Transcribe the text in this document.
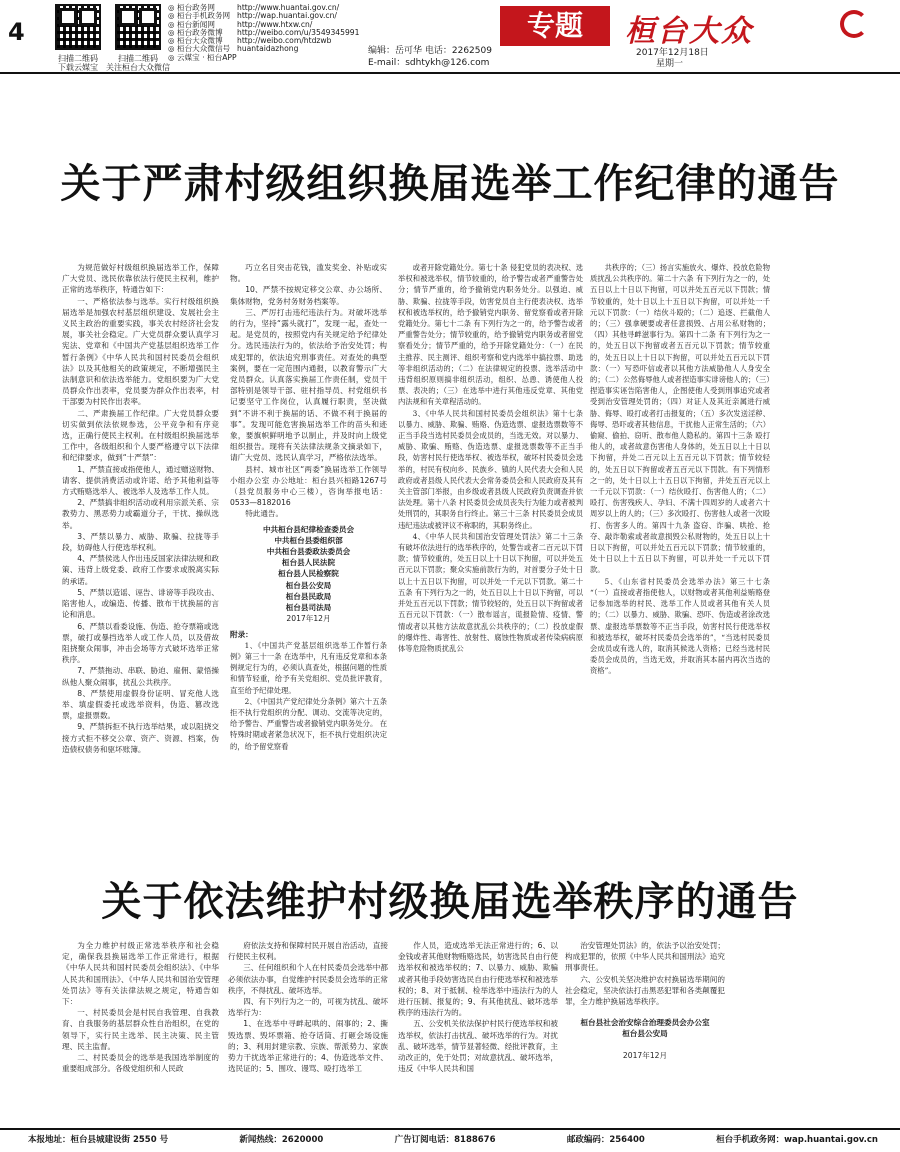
4
扫描二维码
下载云媒宝
扫描二维码
关注桓台大众微信
◎ 桓台政务网	http://www.huantai.gov.cn/
◎ 桓台手机政务网 http://wap.huantai.gov.cn/
◎ 桓台新闻网	http://www.htxw.cn/
◎ 桓台政务微博	http://weibo.com/u/3549345991
◎ 桓台大众微博	http://weibo.com/htdzwb
◎ 桓台大众微信号 huantaidazhong
◎ 云媒宝 · 桓台APP
专题	桓台大众
编辑：岳可华 电话：2262509
E-mail：sdhtykh@126.com
2017年12月18日
星期一
关于严肃村级组织换届选举工作纪律的通告

为规范做好村级组织换届选举工作，保障广大党员、选民依靠依法行使民主权利，维护正常的选举秩序，特通告如下：

一、严格依法参与选举。实行村级组织换届选举是加强农村基层组织建设、发展社会主义民主政治的重要实践，事关农村经济社会发展，事关社会稳定。广大党员群众要认真学习宪法、党章和《中国共产党基层组织选举工作暂行条例》《中华人民共和国村民委员会组织法》以及其他相关的政策规定，不断增强民主法制意识和依法选举能力。党组织要为广大党员群众作出表率，党员要为群众作出表率，村干部要为村民作出表率。

二、严肃换届工作纪律。广大党员群众要切实做到依法依规参选，公平竞争和有序竞选，正确行使民主权利。在村级组织换届选举工作中，各级组织和个人要严格遵守以下法律和纪律要求，做到“十严禁”：

1、严禁直接或指使他人，通过赠送财物、请客、提供消费活动或许诺、给予其他利益等方式贿赂选举人、被选举人及选举工作人员。

2、严禁搞非组织活动或利用宗派关系、宗教势力、黑恶势力或霸道分子，干扰、操纵选举。

3、严禁以暴力、威胁、欺骗、拉拢等手段，妨碍他人行使选举权利。

4、严禁侯选人作出违反国家法律法规和政策、违背上级党委、政府工作要求或脱离实际的承诺。

5、严禁以造谣、诬告、诽谤等手段攻击、陷害他人，或编造、传播、散布干扰换届的言论和消息。

6、严禁以看委设施、伪造、抢夺票箱或选票，破打或暴挡选举人或工作人员，以及借故阻挠聚众闹事，冲击会场等方式破坏选举正常秩序。

7、严禁拖动、串联、胁迫、雇佣、蒙悟操纵他人聚众闹事，扰乱公共秩序。

8、严禁使用虚假身份证明、冒充他人选举、填虚假委托或选举资料，伪造、篡改选票，虚报票数。

9、严禁拆拒不执行选举结果，或以阻挠交接方式拒不移交公章、资产、资源、档案，伪造债权债务和驱坏账簿。

巧立名目突击花钱，滥发奖金、补贴或实物。

10、严禁不按规定移交公章、办公场所、集体财物，党务村务财务档案等。

三、严厉打击违纪违法行为。对破坏选举的行为，坚持“露头就打”，发现一起，查处一起。是党员的，按照党内有关规定给予纪律处分。选民违法行为的，依法给予治安处罚；构成犯罪的，依法追究刑事责任。对查处的典型案例，要在一定范围内通报，以教育警示广大党员群众。认真落实换届工作责任制，党员干部特别是领导干部、驻村指导员、村党组织书记要坚守工作岗位，认真履行职责，坚决做到“不讲不利于换届的话、不做不利于换届的事”。发现可能危害换届选举工作的苗头和迹象，要旗帜鲜明地予以制止，并及时向上级党组织报告。现将有关法律法规条文摘录如下，请广大党员、选民认真学习，严格依法选举。

县村、城市社区“两委”换届选举工作领导小组办公室 办公地址：桓台县兴桓路1267号（县党员服务中心三楼），咨询举报电话：0533—8182016

特此通告。

中共桓台县纪律检查委员会

中共桓台县委组织部

中共桓台县委政法委员会

桓台县人民法院

桓台县人民检察院

桓台县公安局

桓台县民政局

桓台县司法局

2017年12月

附录：

1、《中国共产党基层组织选举工作暂行条例》第三十一条 在选举中，凡有违反党章和本条例规定行为的，必须认真查处，根据问题的性质和情节轻重，给予有关党组织、党员批评教育，直至给予纪律处理。

2、《中国共产党纪律处分条例》第六十五条 拒不执行党组织的分配、调动、交流等决定的，给予警告、严重警告或者撤销党内职务处分。 在特殊时期或者紧急状况下，拒不执行党组织决定的，给予留党察看

或者开除党籍处分。第七十条 侵犯党员的表决权、选举权和被选举权，情节较重的，给予警告或者严重警告处分；情节严重的，给予撤销党内职务处分。以强迫、威胁、欺骗、拉拢等手段，妨害党员自主行使表决权、选举权和被选举权的，给予撤销党内职务、留党察看或者开除党籍处分。第七十二条 有下列行为之一的，给予警告或者严重警告处分；情节较重的，给予撤销党内职务或者留党察看处分；情节严重的，给予开除党籍处分：（一）在民主推荐、民主测评、组织考察和党内选举中搞拉票、助选等非组织活动的；（二）在法律规定的投票、选举活动中违背组织原则搞非组织活动，组织、怂恿、诱使他人投票、表决的；（三）在选举中进行其他违反党章、其他党内法规和有关章程活动的。

3、《中华人民共和国村民委员会组织法》第十七条 以暴力、威胁、欺骗、贿赂、伪造选票、虚报选票数等不正当手段当选村民委员会成员的，当选无效。对以暴力、威胁、欺骗、贿赂、伪造选票、虚报选票数等不正当手段，妨害村民行使选举权、被选举权，破坏村民委员会选举的，村民有权向乡、民族乡、镇的人民代表大会和人民政府或者县级人民代表大会常务委员会和人民政府及其有关主管部门举报，由乡级或者县级人民政府负责调查并依法处理。第十八条 村民委员会成员丧失行为能力或者被判处刑罚的，其职务自行终止。第三十三条 村民委员会成员违纪违法或被评议不称职的，其职务终止。

4、《中华人民共和国治安管理处罚法》第二十三条 有破坏依法进行的选举秩序的，处警告或者二百元以下罚款；情节较重的，处五日以上十日以下拘留，可以并处五百元以下罚款；聚众实施前款行为的，对首要分子处十日以上十五日以下拘留，可以并处一千元以下罚款。第二十五条 有下列行为之一的，处五日以上十日以下拘留，可以并处五百元以下罚款；情节较轻的，处五日以下拘留或者五百元以下罚款：（一）散布谣言，谎报险情、疫情、警情或者以其他方法故意扰乱公共秩序的；（二）投放虚假的爆炸性、毒害性、放射性、腐蚀性物质或者传染病病原体等危险物质扰乱公

共秩序的；（三）扬言实施放火、爆炸、投放危险物质扰乱公共秩序的。第二十六条 有下列行为之一的，处五日以上十日以下拘留，可以并处五百元以下罚款；情节较重的，处十日以上十五日以下拘留，可以并处一千元以下罚款：（一）结伙斗殴的；（二）追逐、拦截他人的；（三）强拿硬要或者任意损毁、占用公私财物的；（四）其他寻衅滋事行为。第四十二条 有下列行为之一的，处五日以下拘留或者五百元以下罚款；情节较重的，处五日以上十日以下拘留，可以并处五百元以下罚款：（一）写恐吓信或者以其他方法威胁他人人身安全的；（二）公然侮辱他人或者捏造事实诽谤他人的；（三）捏造事实诬告陷害他人，企图使他人受到刑事追究或者受到治安管理处罚的；（四）对证人及其近亲属进行威胁、侮辱、殴打或者打击报复的；（五）多次发送淫秽、侮辱、恐吓或者其他信息，干扰他人正常生活的；（六）偷窥、偷拍、窃听、散布他人隐私的。第四十三条 殴打他人的，或者故意伤害他人身体的，处五日以上十日以下拘留，并处二百元以上五百元以下罚款；情节较轻的，处五日以下拘留或者五百元以下罚款。有下列情形之一的，处十日以上十五日以下拘留，并处五百元以上一千元以下罚款：（一）结伙殴打、伤害他人的；（二）殴打、伤害残疾人、孕妇、不满十四周岁的人或者六十周岁以上的人的；（三）多次殴打、伤害他人或者一次殴打、伤害多人的。第四十九条 盗窃、诈骗、哄抢、抢夺、敲诈勒索或者故意损毁公私财物的，处五日以上十日以下拘留，可以并处五百元以下罚款；情节较重的，处十日以上十五日以下拘留，可以并处一千元以下罚款。

5、《山东省村民委员会选举办法》第三十七条 “（一）直接或者指使他人，以财物或者其他利益贿赂登记参加选举的村民、选举工作人员或者其他有关人员的；（二）以暴力、威胁、欺骗、恐吓、伪造或者涂改选票、虚报选举票数等不正当手段，妨害村民行使选举权和被选举权，破坏村民委员会选举的”，“当选村民委员会成员或有选人的，取消其候选人资格；已经当选村民委员会成员的，当选无效，并取消其本届内再次当选的资格”。

关于依法维护村级换届选举秩序的通告

为全力维护村级正常选举秩序和社会稳定，确保我县换届选举工作正常进行，根据《中华人民共和国村民委员会组织法》、《中华人民共和国刑法》、《中华人民共和国治安管理处罚法》等有关法律法规之规定，特通告如下：

一、村民委员会是村民自我管理、自我教育、自我服务的基层群众性自治组织，在党的领导下，实行民主选举、民主决策、民主管理、民主监督。

二、村民委员会的选举是我国选举制度的重要组成部分。各级党组织和人民政

府依法支持和保障村民开展自治活动，直接行使民主权利。

三、任何组织和个人在村民委员会选举中都必须依法办事，自觉维护村民委员会选举的正常秩序，不得扰乱、破坏选举。

四、有下列行为之一的，可视为扰乱、破坏选举行为：

1、在选举中寻衅起哄的、闹事的；2、撕毁选票、毁坏票箱、抢夺话筒、打砸会场设施的；3、利用封建宗教、宗族、帮派势力、家族势力干扰选举正常进行的；4、伪造选举文件、选民证的；5、围攻、谩骂、殴打选举工

作人员，造成选举无法正常进行的；6、以金钱或者其他财物贿赂选民，妨害选民自由行使选举权和被选举权的；7、以暴力、威胁、欺骗或者其他手段妨害选民自由行使选举权和被选举权的；8、对于抵制、检举选举中违法行为的人进行压制、报复的；9、有其他扰乱、破坏选举秩序的违法行为的。

五、公安机关依法保护村民行使选举权和被选举权，依法打击扰乱、破坏选举的行为。对扰乱、破坏选举，情节显著轻微、经批评教育，主动改正的，免于处罚；对故意扰乱、破坏选举，违反《中华人民共和国

治安管理处罚法》的，依法予以治安处罚；构成犯罪的，依照《中华人民共和国刑法》追究刑事责任。

六、公安机关坚决维护农村换届选举期间的社会稳定，坚决依法打击黑恶犯罪和各类颠覆犯罪，全力维护换届选举秩序。

桓台县社会治安综合治理委员会办公室

桓台县公安局

2017年12月

本报地址：桓台县城建设街 2550 号	新闻热线：2620000	广告订阅电话：8188676	邮政编码：256400	桓台手机政务网：wap.huantai.gov.cn
